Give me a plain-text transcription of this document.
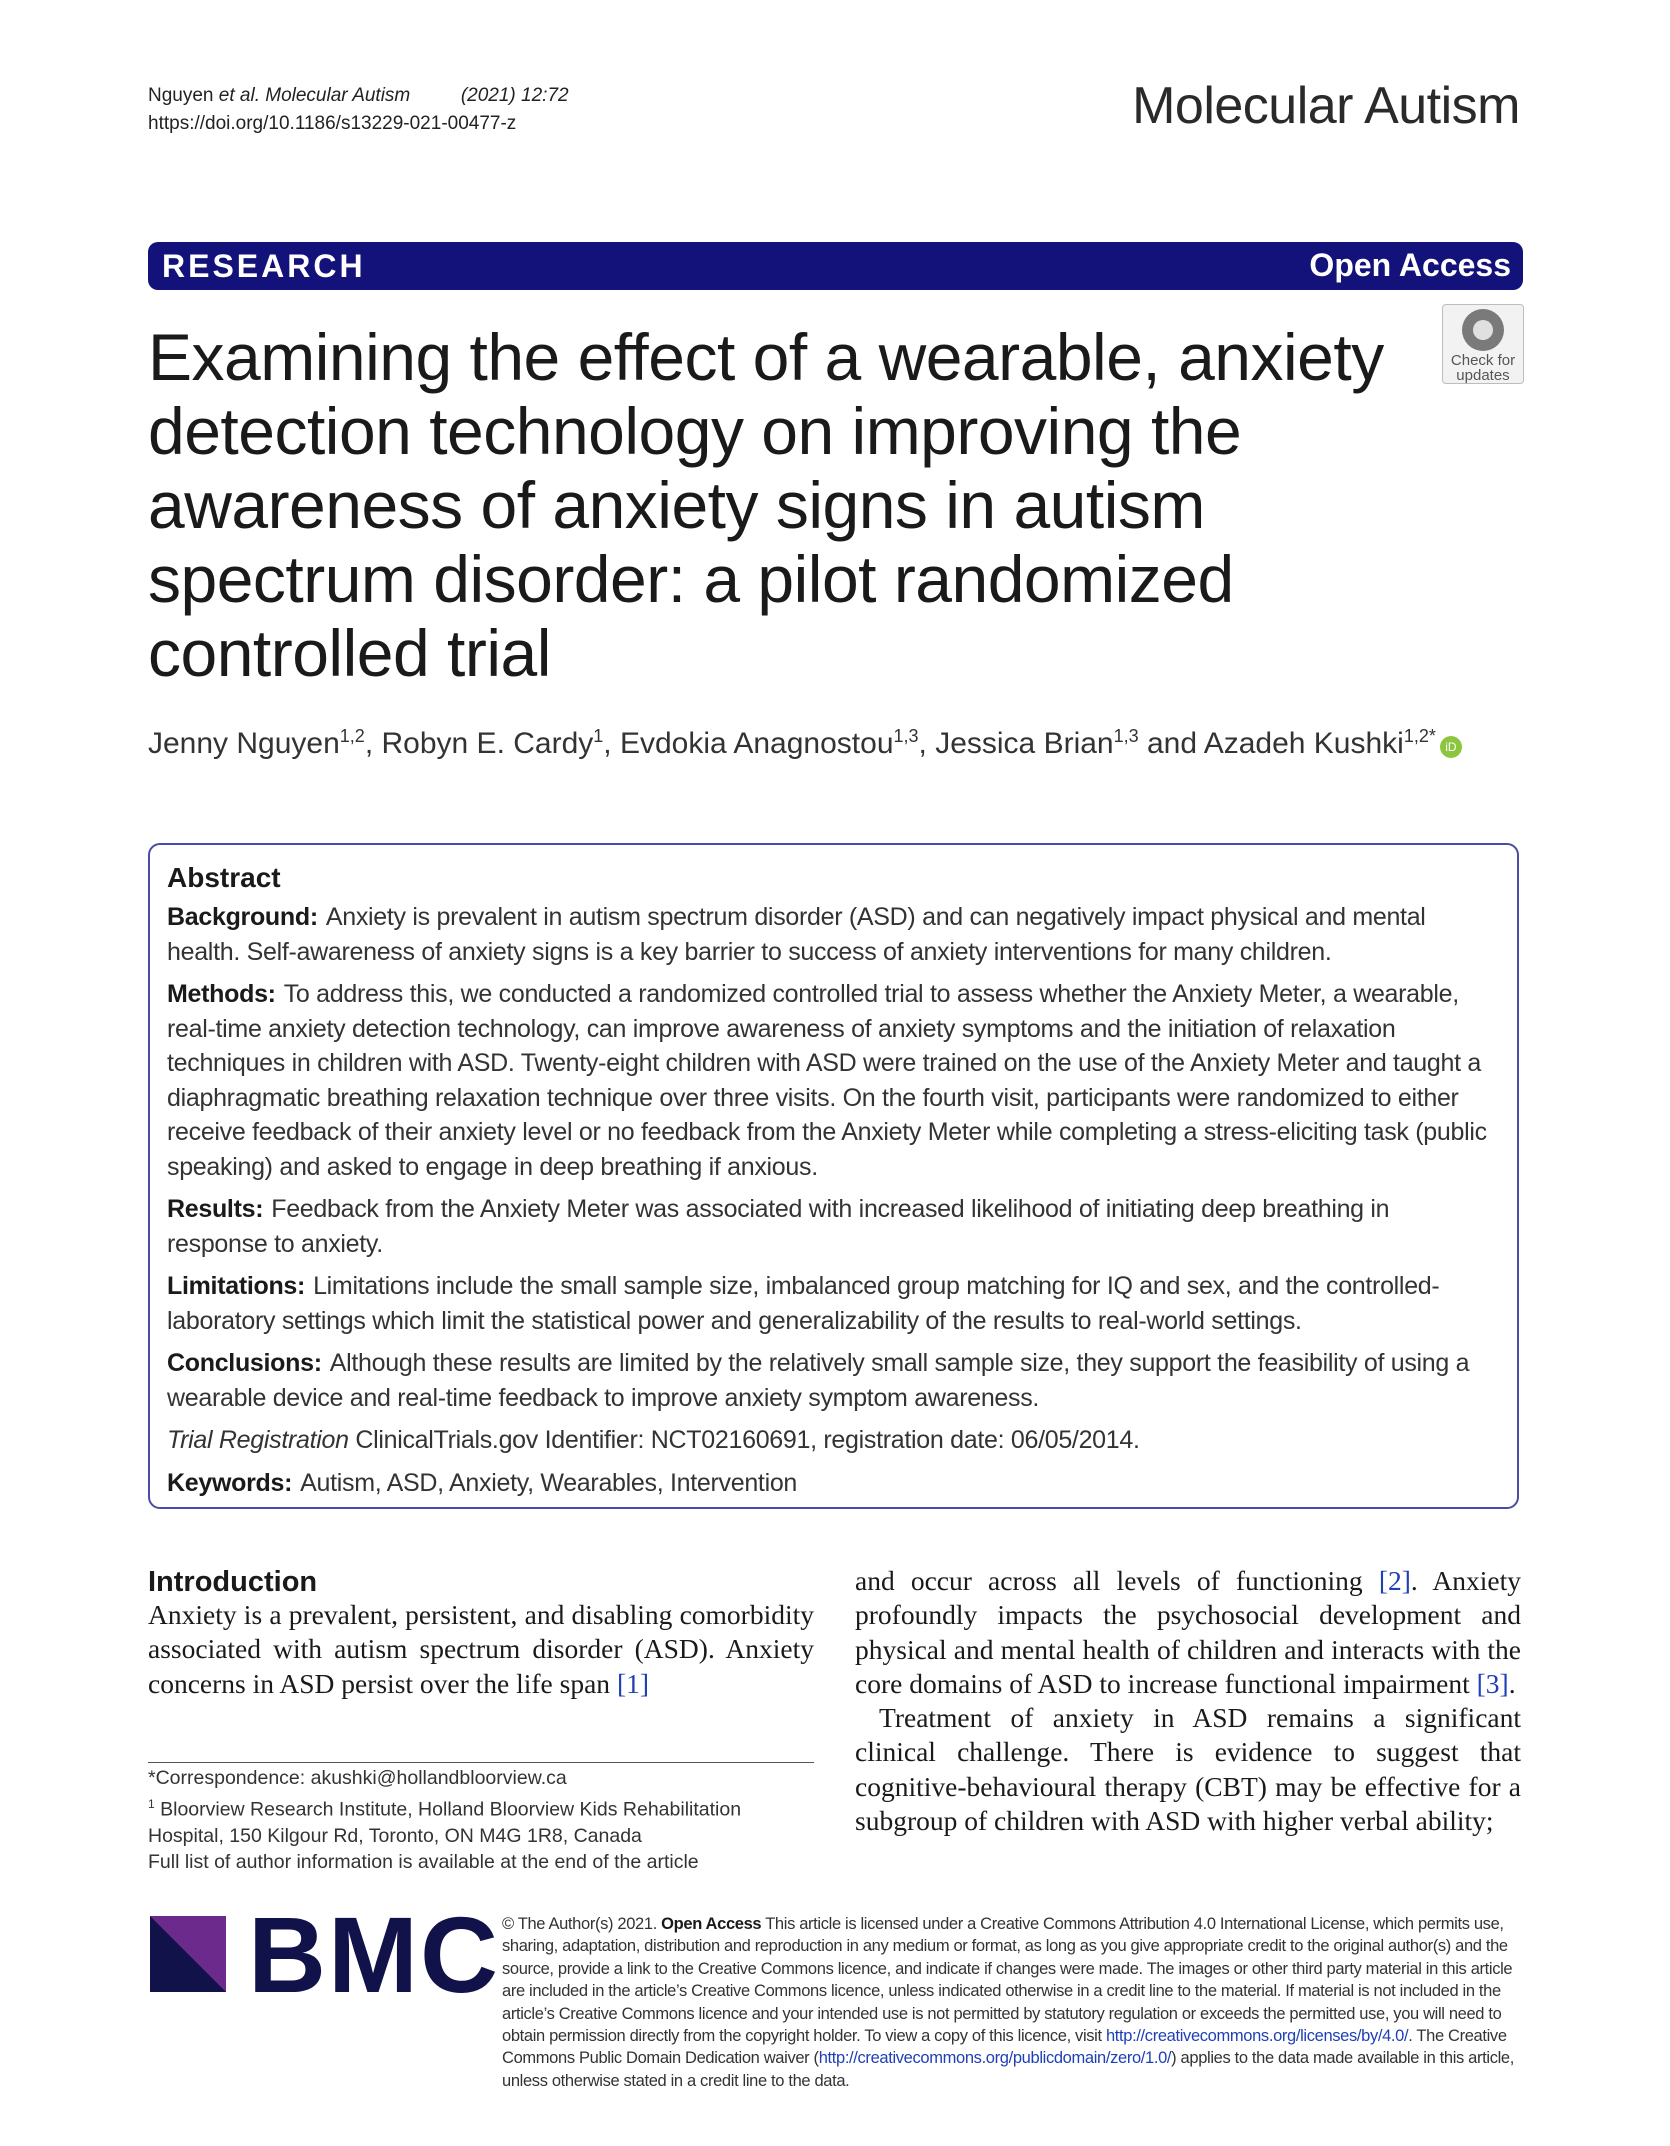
Nguyen et al. Molecular Autism	(2021) 12:72
https://doi.org/10.1186/s13229-021-00477-z	Molecular Autism
RESEARCH	Open Access
Check for
updates
Examining the effect of a wearable, anxiety detection technology on improving the awareness of anxiety signs in autism spectrum disorder: a pilot randomized controlled trial
Jenny Nguyen$^{1,2}$, Robyn E. Cardy$^1$, Evdokia Anagnostou$^{1,3}$, Jessica Brian$^{1,3}$ and Azadeh Kushki$^{1,2*}$iD
Abstract

Background: Anxiety is prevalent in autism spectrum disorder (ASD) and can negatively impact physical and mental health. Self-awareness of anxiety signs is a key barrier to success of anxiety interventions for many children.

Methods: To address this, we conducted a randomized controlled trial to assess whether the Anxiety Meter, a wearable, real-time anxiety detection technology, can improve awareness of anxiety symptoms and the initiation of relaxation techniques in children with ASD. Twenty-eight children with ASD were trained on the use of the Anxiety Meter and taught a diaphragmatic breathing relaxation technique over three visits. On the fourth visit, participants were randomized to either receive feedback of their anxiety level or no feedback from the Anxiety Meter while completing a stress-eliciting task (public speaking) and asked to engage in deep breathing if anxious.

Results: Feedback from the Anxiety Meter was associated with increased likelihood of initiating deep breathing in response to anxiety.

Limitations: Limitations include the small sample size, imbalanced group matching for IQ and sex, and the controlled-laboratory settings which limit the statistical power and generalizability of the results to real-world settings.

Conclusions: Although these results are limited by the relatively small sample size, they support the feasibility of using a wearable device and real-time feedback to improve anxiety symptom awareness.

Trial Registration ClinicalTrials.gov Identifier: NCT02160691, registration date: 06/05/2014.

Keywords: Autism, ASD, Anxiety, Wearables, Intervention

Introduction
Anxiety is a prevalent, persistent, and disabling comorbidity associated with autism spectrum disorder (ASD). Anxiety concerns in ASD persist over the life span [1]
and occur across all levels of functioning [2]. Anxiety profoundly impacts the psychosocial development and physical and mental health of children and interacts with the core domains of ASD to increase functional impairment [3].
Treatment of anxiety in ASD remains a significant clinical challenge. There is evidence to suggest that cognitive-behavioural therapy (CBT) may be effective for a subgroup of children with ASD with higher verbal ability;
*Correspondence: akushki@hollandbloorview.ca
$^1$ Bloorview Research Institute, Holland Bloorview Kids Rehabilitation Hospital, 150 Kilgour Rd, Toronto, ON M4G 1R8, Canada
Full list of author information is available at the end of the article
BMC © The Author(s) 2021. Open Access This article is licensed under a Creative Commons Attribution 4.0 International License, which permits use, sharing, adaptation, distribution and reproduction in any medium or format, as long as you give appropriate credit to the original author(s) and the source, provide a link to the Creative Commons licence, and indicate if changes were made. The images or other third party material in this article are included in the article’s Creative Commons licence, unless indicated otherwise in a credit line to the material. If material is not included in the article’s Creative Commons licence and your intended use is not permitted by statutory regulation or exceeds the permitted use, you will need to obtain permission directly from the copyright holder. To view a copy of this licence, visit http://creativecommons.org/licenses/by/4.0/. The Creative Commons Public Domain Dedication waiver (http://creativecommons.org/publicdomain/zero/1.0/) applies to the data made available in this article, unless otherwise stated in a credit line to the data.
